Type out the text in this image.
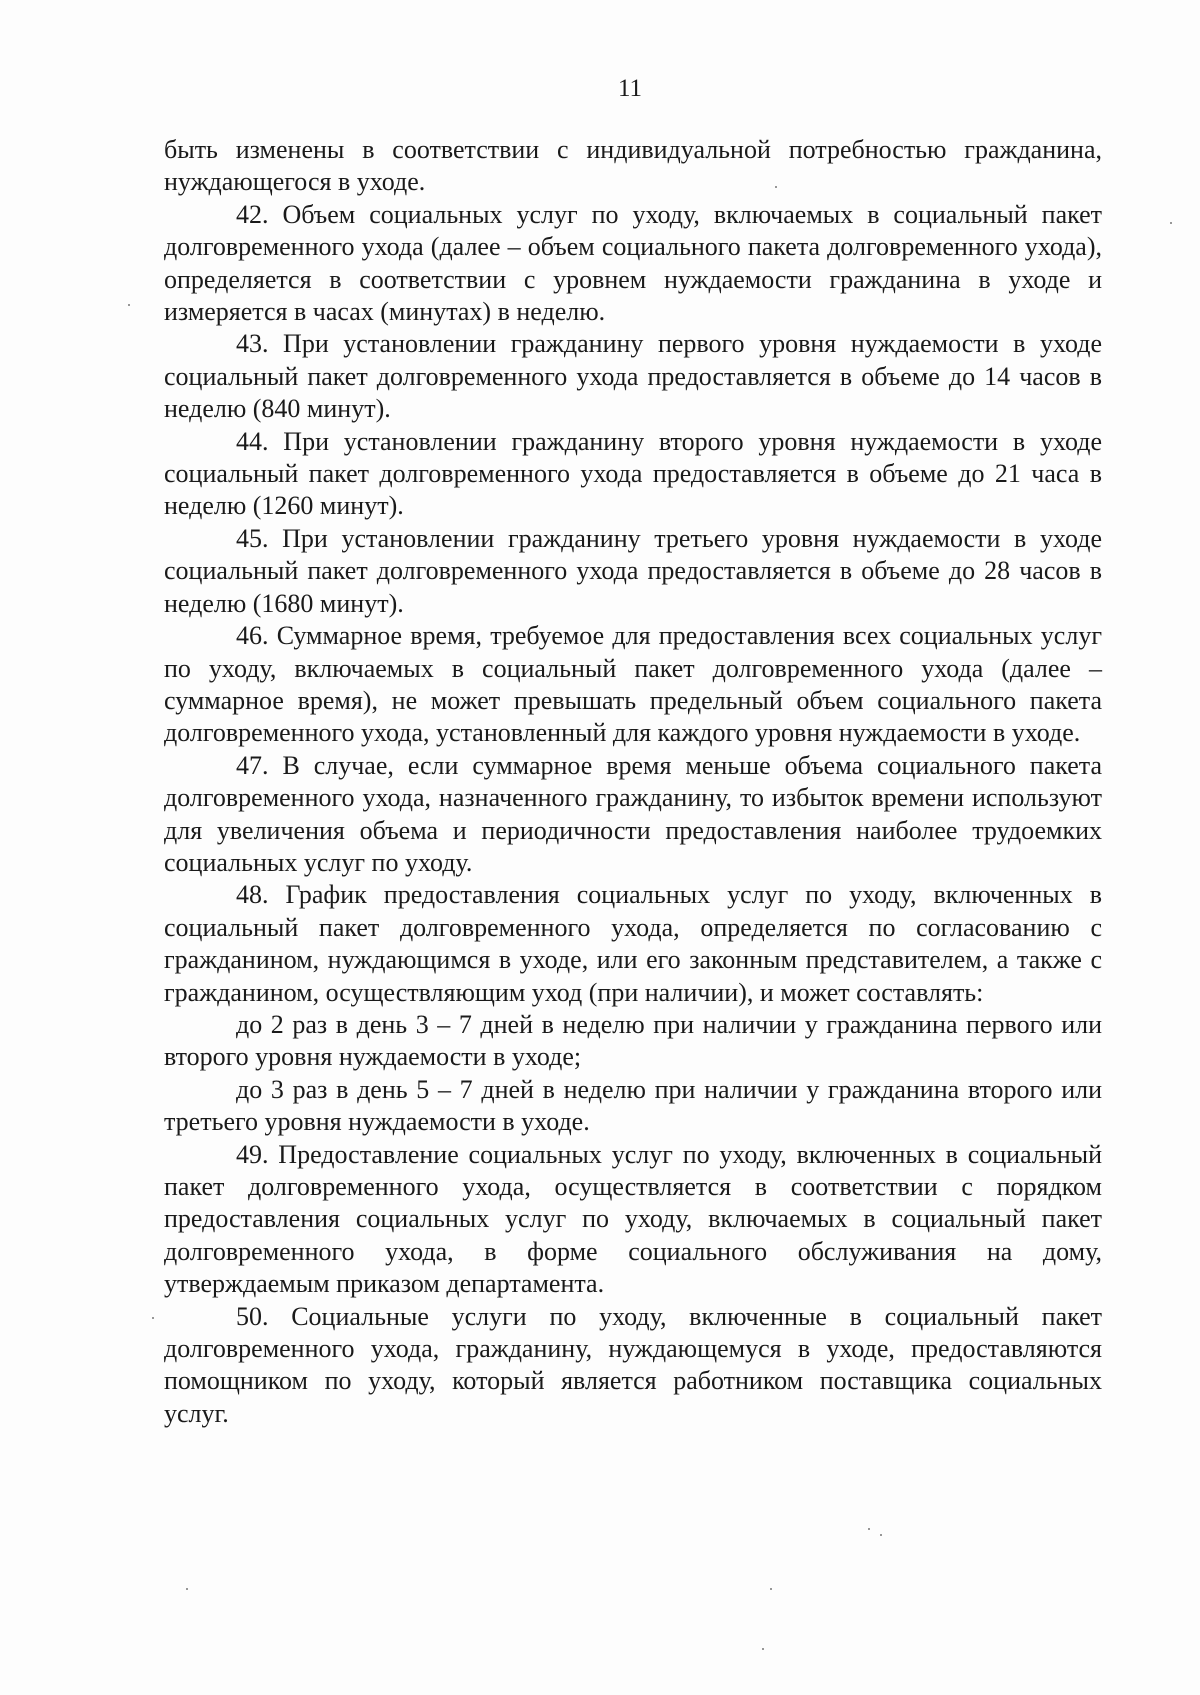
11

быть изменены в соответствии с индивидуальной потребностью гражданина, нуждающегося в уходе.

42. Объем социальных услуг по уходу, включаемых в социальный пакет долговременного ухода (далее – объем социального пакета долговременного ухода), определяется в соответствии с уровнем нуждаемости гражданина в уходе и измеряется в часах (минутах) в неделю.

43. При установлении гражданину первого уровня нуждаемости в уходе социальный пакет долговременного ухода предоставляется в объеме до 14 часов в неделю (840 минут).

44. При установлении гражданину второго уровня нуждаемости в уходе социальный пакет долговременного ухода предоставляется в объеме до 21 часа в неделю (1260 минут).

45. При установлении гражданину третьего уровня нуждаемости в уходе социальный пакет долговременного ухода предоставляется в объеме до 28 часов в неделю (1680 минут).

46. Суммарное время, требуемое для предоставления всех социальных услуг по уходу, включаемых в социальный пакет долговременного ухода (далее – суммарное время), не может превышать предельный объем социального пакета долговременного ухода, установленный для каждого уровня нуждаемости в уходе.

47. В случае, если суммарное время меньше объема социального пакета долговременного ухода, назначенного гражданину, то избыток времени используют для увеличения объема и периодичности предоставления наиболее трудоемких социальных услуг по уходу.

48. График предоставления социальных услуг по уходу, включенных в социальный пакет долговременного ухода, определяется по согласованию с гражданином, нуждающимся в уходе, или его законным представителем, а также с гражданином, осуществляющим уход (при наличии), и может составлять:

до 2 раз в день 3 – 7 дней в неделю при наличии у гражданина первого или второго уровня нуждаемости в уходе;

до 3 раз в день 5 – 7 дней в неделю при наличии у гражданина второго или третьего уровня нуждаемости в уходе.

49. Предоставление социальных услуг по уходу, включенных в социальный пакет долговременного ухода, осуществляется в соответствии с порядком предоставления социальных услуг по уходу, включаемых в социальный пакет долговременного ухода, в форме социального обслуживания на дому, утверждаемым приказом департамента.

50. Социальные услуги по уходу, включенные в социальный пакет долговременного ухода, гражданину, нуждающемуся в уходе, предоставляются помощником по уходу, который является работником поставщика социальных услуг.
